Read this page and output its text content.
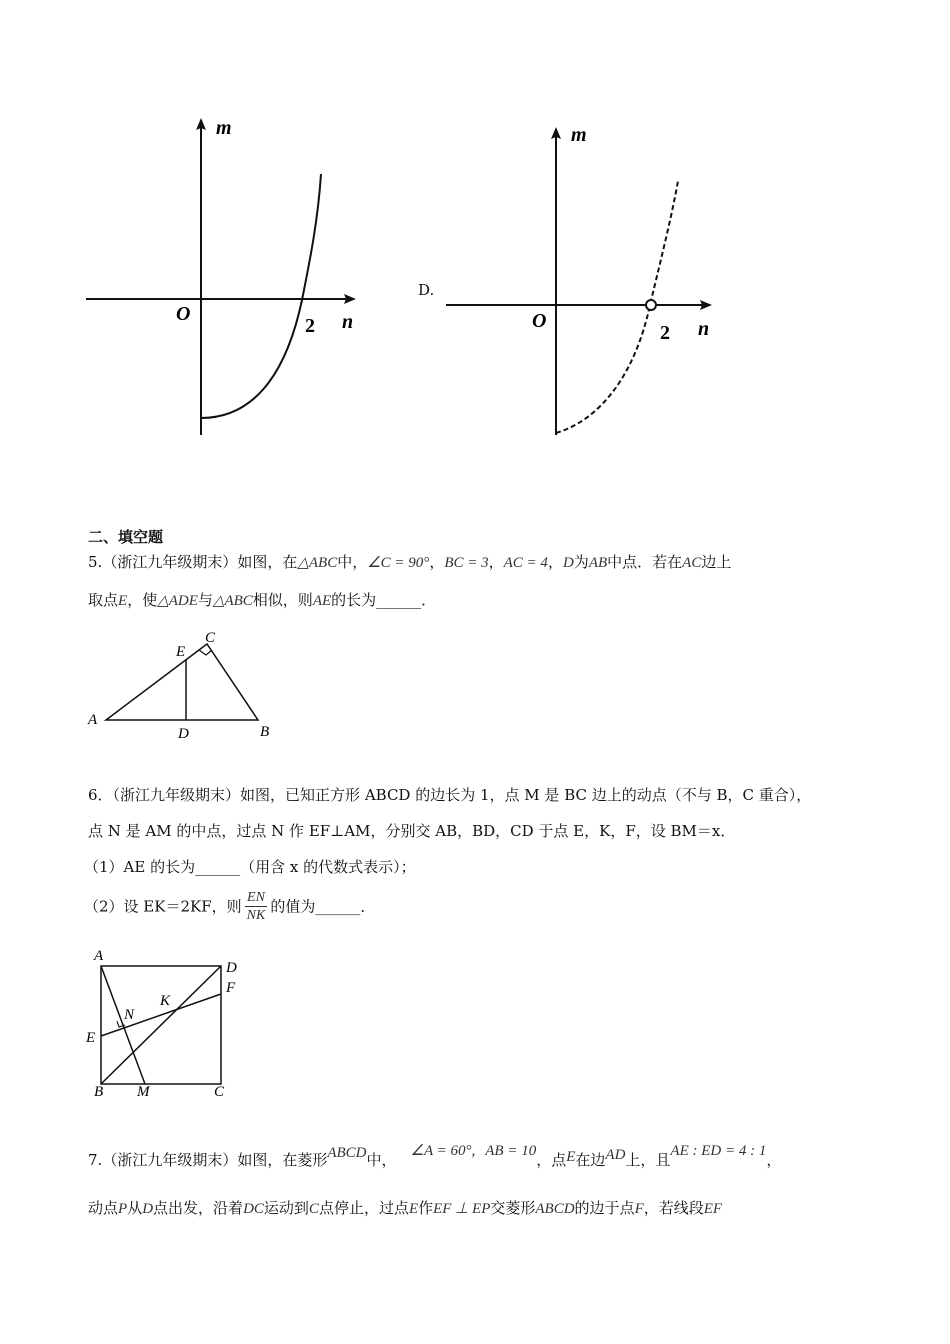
m
n
O
2
D.
m
n
O
2
二、填空题
5.（浙江九年级期末）如图，在△ABC中，∠C = 90°，BC = 3，AC = 4，D为AB中点．若在AC边上
取点E，使△ADE与△ABC相似，则AE的长为______．
A
B
C
D
E
6．（浙江九年级期末）如图，已知正方形 ABCD 的边长为 1，点 M 是 BC 边上的动点（不与 B，C 重合），
点 N 是 AM 的中点，过点 N 作 EF⊥AM，分别交 AB，BD，CD 于点 E，K，F，设 BM＝x．
（1）AE 的长为______（用含 x 的代数式表示）；
（2）设 EK＝2KF，则 $\frac{EN}{NK}$ 的值为______．
A
D
F
N
K
E
B M	C
7.（浙江九年级期末）如图，在菱形ABCD中， ∠A = 60°, AB = 10，点E在边AD上，且AE : ED = 4 : 1，
动点P从D点出发，沿着DC运动到C点停止，过点E作EF ⊥ EP交菱形ABCD的边于点F，若线段EF
